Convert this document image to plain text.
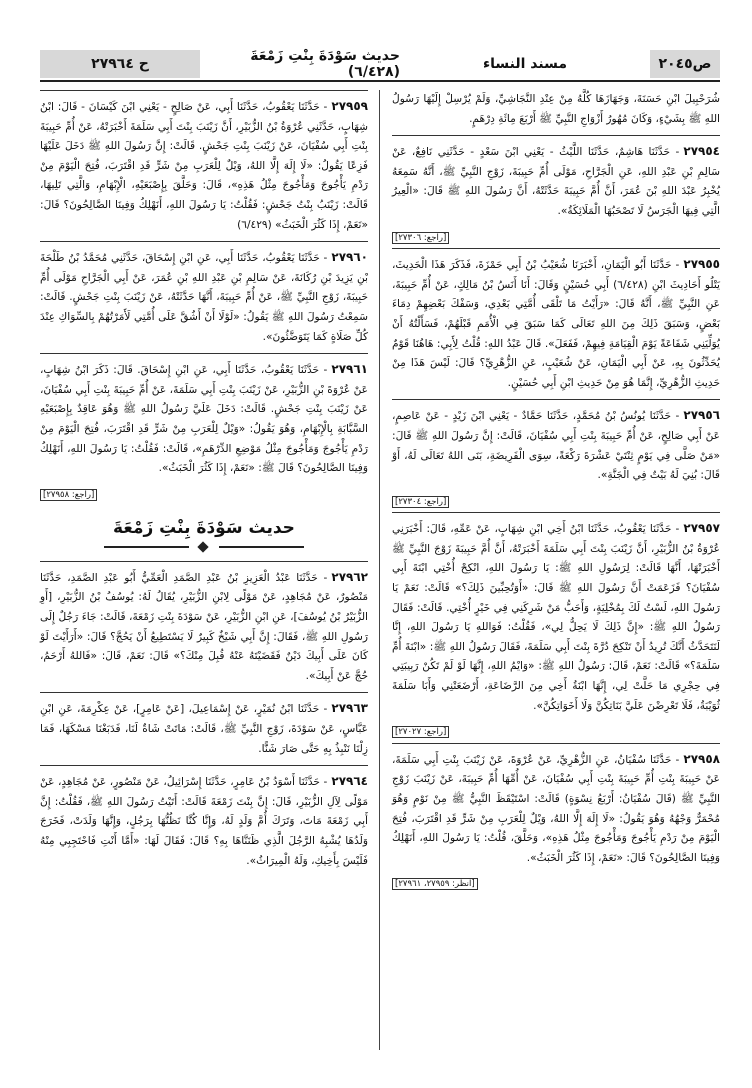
ص٢٠٤٥
مسند النساء
حديث سَوْدَةَ بِنْتِ زَمْعَةَ (٦/٤٢٨)
ح ٢٧٩٦٤

شُرَحْبِيلَ ابْنِ حَسَنَةَ، وَجَهَازَهَا كُلَّهُ مِنْ عِنْدِ النَّجَاشِيِّ، وَلَمْ يُرْسِلْ إِلَيْهَا رَسُولُ اللهِ ﷺ بِشَيْءٍ، وَكَانَ مُهُورُ أَزْوَاجِ النَّبِيِّ ﷺ أَرْبَعَ مِائَةِ دِرْهَمٍ.

٢٧٩٥٤- حَدَّثَنَا هَاشِمٌ، حَدَّثَنَا اللَّيْثُ - يَعْنِي ابْنَ سَعْدٍ - حَدَّثَنِي نَافِعٌ، عَنْ سَالِمِ بْنِ عَبْدِ اللهِ، عَنِ الْجَرَّاحِ، مَوْلَى أُمِّ حَبِيبَةَ، زَوْجِ النَّبِيِّ ﷺ، أَنَّهُ سَمِعَهُ يُخْبِرُ عَبْدَ اللهِ بْنَ عُمَرَ، أَنَّ أُمَّ حَبِيبَةَ حَدَّثَتْهُ، أَنَّ رَسُولَ اللهِ ﷺ قَالَ: «الْعِيرُ الَّتِي فِيهَا الْجَرَسُ لَا تَصْحَبُهَا الْمَلَائِكَةُ».

[راجع: ٢٧٣٠٦]

٢٧٩٥٥- حَدَّثَنَا أَبُو الْيَمَانِ، أَخْبَرَنَا شُعَيْبُ بْنُ أَبِي حَمْزَةَ، فَذَكَرَ هَذَا الْحَدِيثَ، يَتْلُو أَحَادِيثَ ابْنِ (٦/٤٢٨) أَبِي حُسَيْنٍ وَقَالَ: أَنَا أَنَسُ بْنُ مَالِكٍ، عَنْ أُمِّ حَبِيبَةَ، عَنِ النَّبِيِّ ﷺ، أَنَّهُ قَالَ: «رَأَيْتُ مَا تَلْقَى أُمَّتِي بَعْدِي، وَسَفْكَ بَعْضِهِمْ دِمَاءَ بَعْضٍ، وَسَبَقَ ذَلِكَ مِنَ اللهِ تَعَالَى كَمَا سَبَقَ فِي الْأُمَمِ قَبْلَهُمْ، فَسَأَلْتُهُ أَنْ يُوَلِّيَنِي شَفَاعَةً يَوْمَ الْقِيَامَةِ فِيهِمْ، فَفَعَلَ». قَالَ عَبْدُ اللهِ: قُلْتُ لِأَبِي: هَاهُنَا قَوْمٌ يُحَدِّثُونَ بِهِ، عَنْ أَبِي الْيَمَانِ، عَنْ شُعَيْبٍ، عَنِ الزُّهْرِيِّ؟ قَالَ: لَيْسَ هَذَا مِنْ حَدِيثِ الزُّهْرِيِّ، إِنَّمَا هُوَ مِنْ حَدِيثِ ابْنِ أَبِي حُسَيْنٍ.

٢٧٩٥٦- حَدَّثَنَا يُونُسُ بْنُ مُحَمَّدٍ، حَدَّثَنَا حَمَّادٌ - يَعْنِي ابْنَ زَيْدٍ - عَنْ عَاصِمٍ، عَنْ أَبِي صَالِحٍ، عَنْ أُمِّ حَبِيبَةَ بِنْتِ أَبِي سُفْيَانَ، قَالَتْ: إِنَّ رَسُولَ اللهِ ﷺ قَالَ: «مَنْ صَلَّى فِي يَوْمٍ ثِنْتَيْ عَشْرَةَ رَكْعَةً، سِوَى الْفَرِيضَةِ، بَنَى اللهُ تَعَالَى لَهُ، أَوْ قَالَ: بُنِيَ لَهُ بَيْتٌ فِي الْجَنَّةِ».

[راجع: ٢٧٣٠٤]

٢٧٩٥٧- حَدَّثَنَا يَعْقُوبُ، حَدَّثَنَا ابْنُ أَخِي ابْنِ شِهَابٍ، عَنْ عَمِّهِ، قَالَ: أَخْبَرَنِي عُرْوَةُ بْنُ الزُّبَيْرِ، أَنَّ زَيْنَبَ بِنْتَ أَبِي سَلَمَةَ أَخْبَرَتْهُ، أَنَّ أُمَّ حَبِيبَةَ زَوْجَ النَّبِيِّ ﷺ أَخْبَرَتْهَا، أَنَّهَا قَالَتْ: لِرَسُولِ اللهِ ﷺ: يَا رَسُولَ اللهِ، انْكِحْ أُخْتِي ابْنَةَ أَبِي سُفْيَانَ؟ فَزَعَمَتْ أَنَّ رَسُولَ اللهِ ﷺ قَالَ: «أَوَتُحِبِّينَ ذَلِكَ؟» قَالَتْ: نَعَمْ يَا رَسُولَ اللهِ، لَسْتُ لَكَ بِمُخْلِيَةٍ، وَأَحَبُّ مَنْ شَرِكَنِي فِي خَيْرٍ أُخْتِي. قَالَتْ: فَقَالَ رَسُولُ اللهِ ﷺ: «إِنَّ ذَلِكَ لَا يَحِلُّ لِي»، فَقُلْتُ: فَوَاللهِ يَا رَسُولَ اللهِ، إِنَّا لَنَتَحَدَّثُ أَنَّكَ تُرِيدُ أَنْ تَنْكِحَ دُرَّةَ بِنْتَ أَبِي سَلَمَةَ، فَقَالَ رَسُولُ اللهِ ﷺ: «ابْنَةَ أُمِّ سَلَمَةَ؟» قَالَتْ: نَعَمْ، قَالَ: رَسُولُ اللهِ ﷺ: «وَايْمُ اللهِ، إِنَّهَا لَوْ لَمْ تَكُنْ رَبِيبَتِي فِي حِجْرِي مَا حَلَّتْ لِي، إِنَّهَا ابْنَةُ أَخِي مِنَ الرَّضَاعَةِ، أَرْضَعَتْنِي وَأَبَا سَلَمَةَ ثُوَيْبَةُ، فَلَا تَعْرِضْنَ عَلَيَّ بَنَاتِكُنَّ وَلَا أَخَوَاتِكُنَّ».

[راجع: ٢٧٠٢٧]

٢٧٩٥٨- حَدَّثَنَا سُفْيَانُ، عَنِ الزُّهْرِيِّ، عَنْ عُرْوَةَ، عَنْ زَيْنَبَ بِنْتِ أَبِي سَلَمَةَ، عَنْ حَبِيبَةَ بِنْتِ أُمِّ حَبِيبَةَ بِنْتِ أَبِي سُفْيَانَ، عَنْ أُمِّهَا أُمِّ حَبِيبَةَ، عَنْ زَيْنَبَ زَوْجِ النَّبِيِّ ﷺ (قَالَ سُفْيَانُ: أَرْبَعُ نِسْوَةٍ) قَالَتْ: اسْتَيْقَظَ النَّبِيُّ ﷺ مِنْ نَوْمٍ وَهُوَ مُحْمَرٌّ وَجْهُهُ وَهُوَ يَقُولُ: «لَا إِلَهَ إِلَّا اللهُ، وَيْلٌ لِلْعَرَبِ مِنْ شَرٍّ قَدِ اقْتَرَبَ، فُتِحَ الْيَوْمَ مِنْ رَدْمِ يَأْجُوجَ وَمَأْجُوجَ مِثْلُ هَذِهِ»، وَحَلَّقَ، قُلْتُ: يَا رَسُولَ اللهِ، أَنَهْلِكُ وَفِينَا الصَّالِحُونَ؟ قَالَ: «نَعَمْ، إِذَا كَثُرَ الْخَبَثُ».

[انظر: ٢٧٩٥٩، ٢٧٩٦١]

٢٧٩٥٩- حَدَّثَنَا يَعْقُوبُ، حَدَّثَنَا أَبِي، عَنْ صَالِحٍ - يَعْنِي ابْنَ كَيْسَانَ - قَالَ: ابْنُ شِهَابٍ، حَدَّثَنِي عُرْوَةُ بْنُ الزُّبَيْرِ، أَنَّ زَيْنَبَ بِنْتَ أَبِي سَلَمَةَ أَخْبَرَتْهُ، عَنْ أُمِّ حَبِيبَةَ بِنْتِ أَبِي سُفْيَانَ، عَنْ زَيْنَبَ بِنْتِ جَحْشٍ. قَالَتْ: إِنَّ رَسُولَ اللهِ ﷺ دَخَلَ عَلَيْهَا فَزِعًا يَقُولُ: «لَا إِلَهَ إِلَّا اللهُ، وَيْلٌ لِلْعَرَبِ مِنْ شَرٍّ قَدِ اقْتَرَبَ، فُتِحَ الْيَوْمَ مِنْ رَدْمِ يَأْجُوجَ وَمَأْجُوجَ مِثْلُ هَذِهِ»، قَالَ: وَحَلَّقَ بِإِصْبَعَيْهِ، الْإِبْهَامِ، وَالَّتِي تَلِيهَا، قَالَتْ: زَيْنَبُ بِنْتُ جَحْشٍ: فَقُلْتُ: يَا رَسُولَ اللهِ، أَنَهْلِكُ وَفِينَا الصَّالِحُونَ؟ قَالَ: «نَعَمْ، إِذَا كَثُرَ الْخَبَثُ» (٦/٤٢٩)

٢٧٩٦٠- حَدَّثَنَا يَعْقُوبُ، حَدَّثَنَا أَبِي، عَنِ ابْنِ إِسْحَاقَ، حَدَّثَنِي مُحَمَّدُ بْنُ طَلْحَةَ بْنِ يَزِيدَ بْنِ رُكَانَةَ، عَنْ سَالِمِ بْنِ عَبْدِ اللهِ بْنِ عُمَرَ، عَنْ أَبِي الْجَرَّاحِ مَوْلَى أُمِّ حَبِيبَةَ، زَوْجِ النَّبِيِّ ﷺ، عَنْ أُمِّ حَبِيبَةَ، أَنَّهَا حَدَّثَتْهُ، عَنْ زَيْنَبَ بِنْتِ جَحْشٍ. قَالَتْ: سَمِعْتُ رَسُولَ اللهِ ﷺ يَقُولُ: «لَوْلَا أَنْ أَشُقَّ عَلَى أُمَّتِي لَأَمَرْتُهُمْ بِالسِّوَاكِ عِنْدَ كُلِّ صَلَاةٍ كَمَا يَتَوَضَّئُونَ».

٢٧٩٦١- حَدَّثَنَا يَعْقُوبُ، حَدَّثَنَا أَبِي، عَنِ ابْنِ إِسْحَاقَ. قَالَ: ذَكَرَ ابْنُ شِهَابٍ، عَنْ عُرْوَةَ بْنِ الزُّبَيْرِ، عَنْ زَيْنَبَ بِنْتِ أَبِي سَلَمَةَ، عَنْ أُمِّ حَبِيبَةَ بِنْتِ أَبِي سُفْيَانَ، عَنْ زَيْنَبَ بِنْتِ جَحْشٍ. قَالَتْ: دَخَلَ عَلَيَّ رَسُولُ اللهِ ﷺ وَهُوَ عَاقِدٌ بِإِصْبَعَيْهِ السَّبَّابَةِ بِالْإِبْهَامِ، وَهُوَ يَقُولُ: «وَيْلٌ لِلْعَرَبِ مِنْ شَرٍّ قَدِ اقْتَرَبَ، فُتِحَ الْيَوْمَ مِنْ رَدْمِ يَأْجُوجَ وَمَأْجُوجَ مِثْلُ مَوْضِعِ الدِّرْهَمِ»، قَالَتْ: فَقُلْتُ: يَا رَسُولَ اللهِ، أَنَهْلِكُ وَفِينَا الصَّالِحُونَ؟ قَالَ ﷺ: «نَعَمْ، إِذَا كَثُرَ الْخَبَثُ».

[راجع: ٢٧٩٥٨]
حديث سَوْدَةَ بِنْتِ زَمْعَةَ

٢٧٩٦٢- حَدَّثَنَا عَبْدُ الْعَزِيزِ بْنُ عَبْدِ الصَّمَدِ الْعَمِّيُّ أَبُو عَبْدِ الصَّمَدِ، حَدَّثَنَا مَنْصُورٌ، عَنْ مُجَاهِدٍ، عَنْ مَوْلًى لِابْنِ الزُّبَيْرِ، يُقَالُ لَهُ: يُوسُفُ بْنُ الزُّبَيْرِ، [أَوِ الزُّبَيْرُ بْنُ يُوسُفَ]، عَنِ ابْنِ الزُّبَيْرِ، عَنْ سَوْدَةَ بِنْتِ زَمْعَةَ، قَالَتْ: جَاءَ رَجُلٌ إِلَى رَسُولِ اللهِ ﷺ، فَقَالَ: إِنَّ أَبِي شَيْخٌ كَبِيرٌ لَا يَسْتَطِيعُ أَنْ يَحُجَّ؟ قَالَ: «أَرَأَيْتَ لَوْ كَانَ عَلَى أَبِيكَ دَيْنٌ فَقَضَيْتَهُ عَنْهُ قُبِلَ مِنْكَ؟» قَالَ: نَعَمْ، قَالَ: «فَاللهُ أَرْحَمُ، حُجَّ عَنْ أَبِيكَ».

٢٧٩٦٣- حَدَّثَنَا ابْنُ نُمَيْرٍ، عَنْ إِسْمَاعِيلَ، [عَنْ عَامِرٍ]، عَنْ عِكْرِمَةَ، عَنِ ابْنِ عَبَّاسٍ، عَنْ سَوْدَةَ، زَوْجِ النَّبِيِّ ﷺ، قَالَتْ: مَاتَتْ شَاةٌ لَنَا، فَدَبَغْنَا مَسْكَهَا، فَمَا زِلْنَا نَنْبِذُ بِهِ حَتَّى صَارَ شَنًّا.

٢٧٩٦٤- حَدَّثَنَا أَسْوَدُ بْنُ عَامِرٍ، حَدَّثَنَا إِسْرَائِيلُ، عَنْ مَنْصُورٍ، عَنْ مُجَاهِدٍ، عَنْ مَوْلًى لِآلِ الزُّبَيْرِ، قَالَ: إِنَّ بِنْتَ زَمْعَةَ قَالَتْ: أَتَيْتُ رَسُولَ اللهِ ﷺ، فَقُلْتُ: إِنَّ أَبِي زَمْعَةَ مَاتَ، وَتَرَكَ أُمَّ وَلَدٍ لَهُ، وَإِنَّا كُنَّا نَظُنُّهَا بِرَجُلٍ، وَإِنَّهَا وَلَدَتْ، فَخَرَجَ وَلَدُهَا يُشْبِهُ الرَّجُلَ الَّذِي ظَنَنَّاهَا بِهِ؟ قَالَ: فَقَالَ لَهَا: «أَمَّا أَنْتِ فَاحْتَجِبِي مِنْهُ فَلَيْسَ بِأَخِيكِ، وَلَهُ الْمِيرَاثُ».
